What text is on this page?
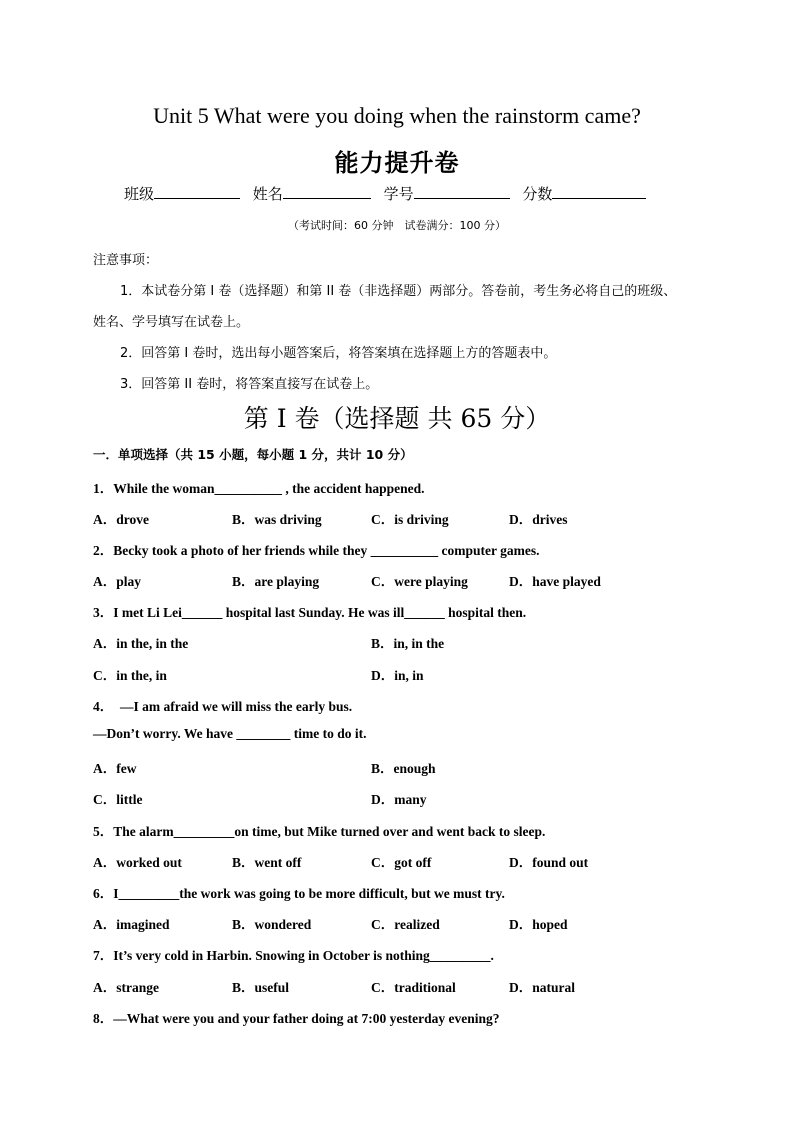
Unit 5 What were you doing when the rainstorm came?
能力提升卷
班级	姓名	学号	分数
（考试时间：60 分钟　试卷满分：100 分）
注意事项：
1．本试卷分第 I 卷（选择题）和第 II 卷（非选择题）两部分。答卷前，考生务必将自己的班级、
姓名、学号填写在试卷上。
2．回答第 I 卷时，选出每小题答案后，将答案填在选择题上方的答题表中。
3．回答第 II 卷时，将答案直接写在试卷上。
第 I 卷（选择题 共 65 分）
一．单项选择（共 15 小题，每小题 1 分，共计 10 分）
1．While the woman__________ , the accident happened.
A．drove	B．was driving	C．is driving	D．drives
2．Becky took a photo of her friends while they __________ computer games.
A．play	B．are playing	C．were playing	D．have played
3．I met Li Lei______ hospital last Sunday. He was ill______ hospital then.
A．in the, in the	B．in, in the
C．in the, in	D．in, in
4．　—I am afraid we will miss the early bus.
—Don’t worry. We have ________ time to do it.
A．few	B．enough
C．little	D．many
5．The alarm_________on time, but Mike turned over and went back to sleep.
A．worked out	B．went off	C．got off	D．found out
6．I_________the work was going to be more difficult, but we must try.
A．imagined	B．wondered	C．realized	D．hoped
7．It’s very cold in Harbin. Snowing in October is nothing_________.
A．strange	B．useful	C．traditional	D．natural
8．—What were you and your father doing at 7:00 yesterday evening?
